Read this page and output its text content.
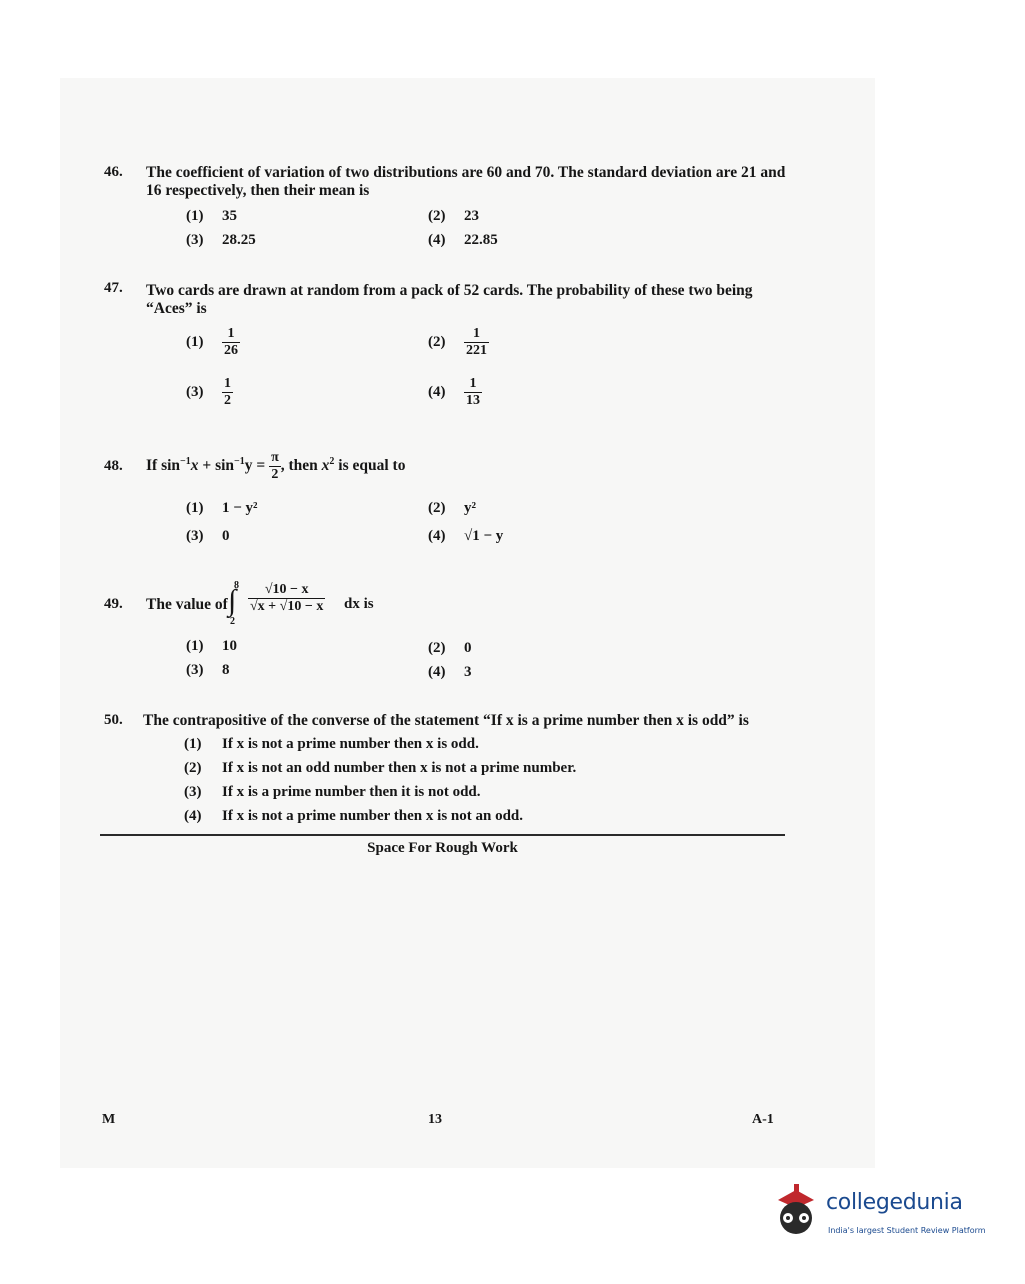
46. The coefficient of variation of two distributions are 60 and 70. The standard deviation are 21 and 16 respectively, then their mean is
(1) 35	(2) 23
(3) 28.25	(4) 22.85
47. Two cards are drawn at random from a pack of 52 cards. The probability of these two being “Aces” is
$(1) \frac{1}{26}$	$(2) \frac{1}{221}$
$(3) \frac{1}{2}$	$(4) \frac{1}{13}$
48. If $\sin^{-1}x + \sin^{-1}y = \frac{\pi}{2}$ , then $x^2$ is equal to
(1) 1 − y²	(2) y²
(3) 0	(4) √1 − y
49. The value of
8
∫
2
$\frac{√10 - x}{√x + √10 - x}$ dx is
(1) 10	(2) 0
(3) 8	(4) 3
50. The contrapositive of the converse of the statement “If x is a prime number then x is odd” is
(1) If x is not a prime number then x is odd.
(2) If x is not an odd number then x is not a prime number.
(3) If x is a prime number then it is not odd.
(4) If x is not a prime number then x is not an odd.
Space For Rough Work
M	13	A-1
collegedunia
India's largest Student Review Platform
